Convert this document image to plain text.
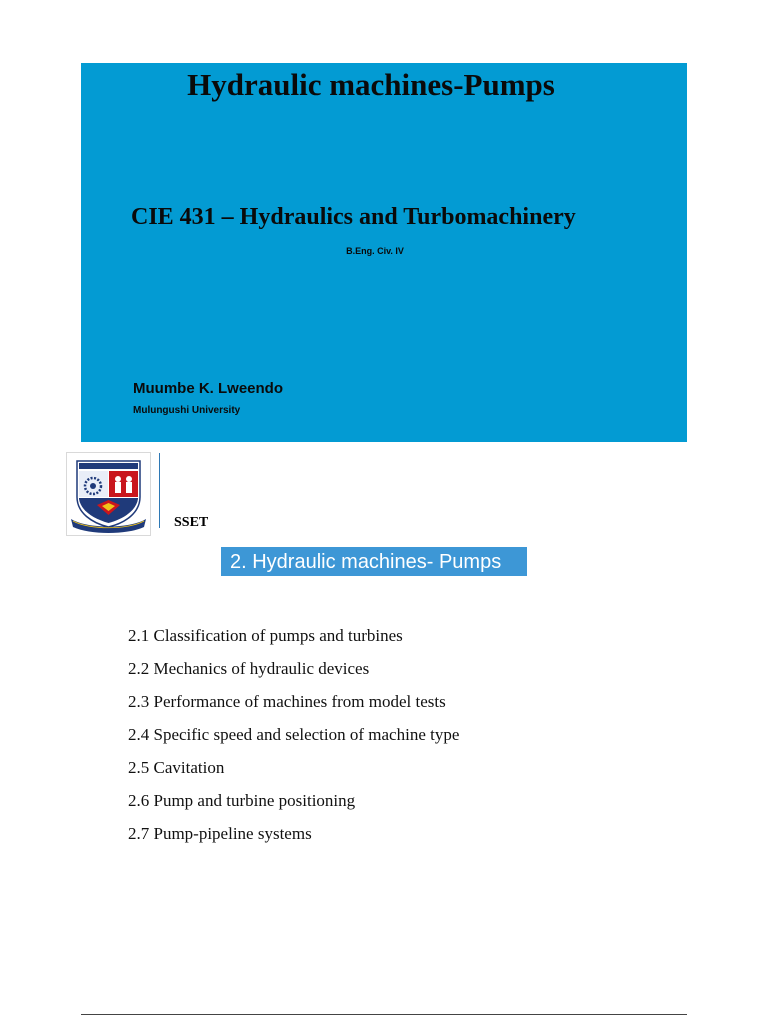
Hydraulic machines-Pumps
CIE 431 – Hydraulics and Turbomachinery
B.Eng. Civ. IV
Muumbe K. Lweendo
Mulungushi University
SSET
2. Hydraulic machines- Pumps
2.1 Classification of pumps and turbines
2.2 Mechanics of hydraulic devices
2.3 Performance of machines from model tests
2.4 Specific speed and selection of machine type
2.5 Cavitation
2.6 Pump and turbine positioning
2.7 Pump-pipeline systems
